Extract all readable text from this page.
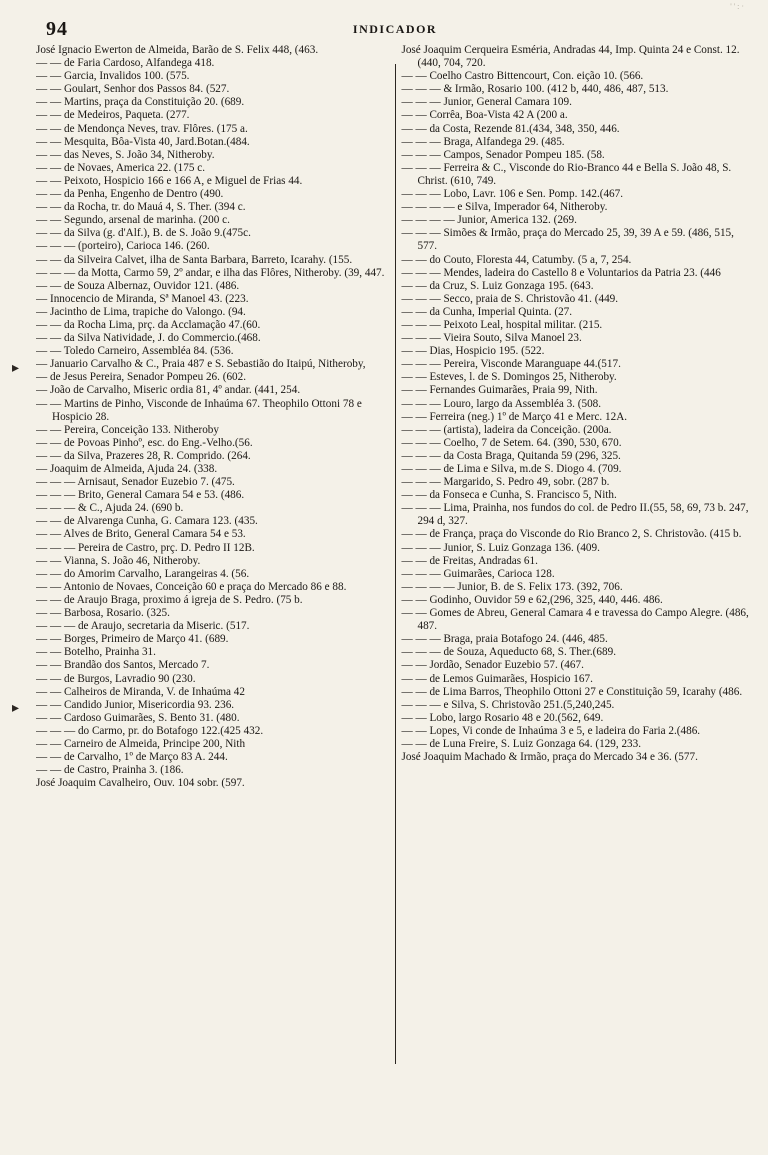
94	INDICADOR
' ' : ·

José Ignacio Ewerton de Almeida, Barão de S. Felix 448, (463.

— — de Faria Cardoso, Alfandega 418.

— — Garcia, Invalidos 100. (575.

— — Goulart, Senhor dos Passos 84. (527.

— — Martins, praça da Constituição 20. (689.

— — de Medeiros, Paqueta. (277.

— — de Mendonça Neves, trav. Flôres. (175 a.

— — Mesquita, Bôa-Vista 40, Jard.Botan.(484.

— — das Neves, S. João 34, Nitheroby.

— — de Novaes, America 22. (175 c.

— — Peixoto, Hospicio 166 e 166 A, e Miguel de Frias 44.

— — da Penha, Engenho de Dentro (490.

— — da Rocha, tr. do Mauá 4, S. Ther. (394 c.

— — Segundo, arsenal de marinha. (200 c.

— — da Silva (g. d'Alf.), B. de S. João 9.(475c.

— — — (porteiro), Carioca 146. (260.

— — da Silveira Calvet, ilha de Santa Barbara, Barreto, Icarahy. (155.

— — — da Motta, Carmo 59, 2º andar, e ilha das Flôres, Nitheroby. (39, 447.

— — de Souza Albernaz, Ouvidor 121. (486.

— Innocencio de Miranda, Sª Manoel 43. (223.

— Jacintho de Lima, trapiche do Valongo. (94.

— — da Rocha Lima, prç. da Acclamação 47.(60.

— — da Silva Natividade, J. do Commercio.(468.

— — Toledo Carneiro, Assembléa 84. (536.

— Januario Carvalho & C., Praia 487 e S. Sebastião do Itaipú, Nitheroby,

— de Jesus Pereira, Senador Pompeu 26. (602.

— João de Carvalho, Miseric ordia 81, 4º andar. (441, 254.

— — Martins de Pinho, Visconde de Inhaúma 67. Theophilo Ottoni 78 e Hospicio 28.

— — Pereira, Conceição 133. Nitheroby

— — de Povoas Pinhoº, esc. do Eng.-Velho.(56.

— — da Silva, Prazeres 28, R. Comprido. (264.

— Joaquim de Almeida, Ajuda 24. (338.

— — — Arnisaut, Senador Euzebio 7. (475.

— — — Brito, General Camara 54 e 53. (486.

— — — & C., Ajuda 24. (690 b.

— — de Alvarenga Cunha, G. Camara 123. (435.

— — Alves de Brito, General Camara 54 e 53.

— — — Pereira de Castro, prç. D. Pedro II 12B.

— — Vianna, S. João 46, Nitheroby.

— — do Amorim Carvalho, Larangeiras 4. (56.

— — Antonio de Novaes, Conceição 60 e praça do Mercado 86 e 88.

— — de Araujo Braga, proximo á igreja de S. Pedro. (75 b.

— — Barbosa, Rosario. (325.

— — — de Araujo, secretaria da Miseric. (517.

— — Borges, Primeiro de Março 41. (689.

— — Botelho, Prainha 31.

— — Brandão dos Santos, Mercado 7.

— — de Burgos, Lavradio 90 (230.

— — Calheiros de Miranda, V. de Inhaúma 42

— — Candido Junior, Misericordia 93. 236.

— — Cardoso Guimarães, S. Bento 31. (480.

— — — do Carmo, pr. do Botafogo 122.(425 432.

— — Carneiro de Almeida, Principe 200, Nith

— — de Carvalho, 1º de Março 83 A. 244.

— — de Castro, Prainha 3. (186.

José Joaquim Cavalheiro, Ouv. 104 sobr. (597.

José Joaquim Cerqueira Esméria, Andradas 44, Imp. Quinta 24 e Const. 12. (440, 704, 720.

— — Coelho Castro Bittencourt, Con. eição 10. (566.

— — — & Irmão, Rosario 100. (412 b, 440, 486, 487, 513.

— — — Junior, General Camara 109.

— — Corrêa, Boa-Vista 42 A (200 a.

— — da Costa, Rezende 81.(434, 348, 350, 446.

— — — Braga, Alfandega 29. (485.

— — — Campos, Senador Pompeu 185. (58.

— — — Ferreira & C., Visconde do Rio-Branco 44 e Bella S. João 48, S. Christ. (610, 749.

— — — Lobo, Lavr. 106 e Sen. Pomp. 142.(467.

— — — — e Silva, Imperador 64, Nitheroby.

— — — — Junior, America 132. (269.

— — — Simões & Irmão, praça do Mercado 25, 39, 39 A e 59. (486, 515, 577.

— — do Couto, Floresta 44, Catumby. (5 a, 7, 254.

— — — Mendes, ladeira do Castello 8 e Voluntarios da Patria 23. (446

— — da Cruz, S. Luiz Gonzaga 195. (643.

— — — Secco, praia de S. Christovão 41. (449.

— — da Cunha, Imperial Quinta. (27.

— — — Peixoto Leal, hospital militar. (215.

— — — Vieira Souto, Silva Manoel 23.

— — Dias, Hospicio 195. (522.

— — — Pereira, Visconde Maranguape 44.(517.

— — Esteves, l. de S. Domingos 25, Nitheroby.

— — Fernandes Guimarães, Praia 99, Nith.

— — — Louro, largo da Assembléa 3. (508.

— — Ferreira (neg.) 1º de Março 41 e Merc. 12A.

— — — (artista), ladeira da Conceição. (200a.

— — — Coelho, 7 de Setem. 64. (390, 530, 670.

— — — da Costa Braga, Quitanda 59 (296, 325.

— — — de Lima e Silva, m.de S. Diogo 4. (709.

— — — Margarido, S. Pedro 49, sobr. (287 b.

— — da Fonseca e Cunha, S. Francisco 5, Nith.

— — — Lima, Prainha, nos fundos do col. de Pedro II.(55, 58, 69, 73 b. 247, 294 d, 327.

— — de França, praça do Visconde do Rio Branco 2, S. Christovão. (415 b.

— — — Junior, S. Luiz Gonzaga 136. (409.

— — de Freitas, Andradas 61.

— — — Guimarães, Carioca 128.

— — — — Junior, B. de S. Felix 173. (392, 706.

— — Godinho, Ouvidor 59 e 62,(296, 325, 440, 446. 486.

— — Gomes de Abreu, General Camara 4 e travessa do Campo Alegre. (486, 487.

— — — Braga, praia Botafogo 24. (446, 485.

— — — de Souza, Aqueducto 68, S. Ther.(689.

— — Jordão, Senador Euzebio 57. (467.

— — de Lemos Guimarães, Hospicio 167.

— — de Lima Barros, Theophilo Ottoni 27 e Constituição 59, Icarahy (486.

— — — e Silva, S. Christovão 251.(5,240,245.

— — Lobo, largo Rosario 48 e 20.(562, 649.

— — Lopes, Vi conde de Inhaúma 3 e 5, e ladeira do Faria 2.(486.

— — de Luna Freire, S. Luiz Gonzaga 64. (129, 233.

José Joaquim Machado & Irmão, praça do Mercado 34 e 36. (577.

▸
▸
